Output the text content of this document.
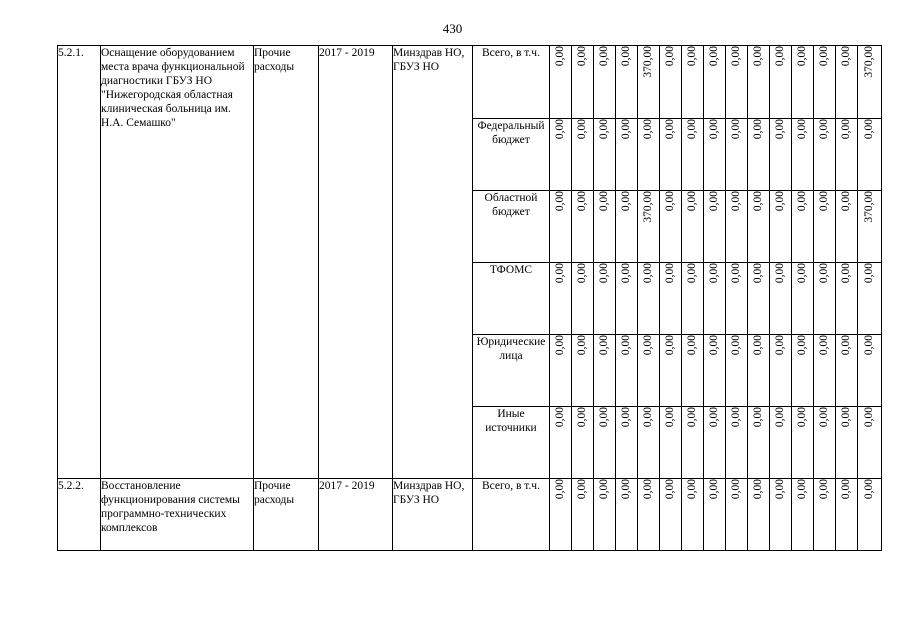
430
5.2.1.	Оснащение оборудованием места врача функциональной диагностики ГБУЗ НО "Нижегородская областная клиническая больница им. Н.А. Семашко"	Прочие расходы	2017 - 2019	Минздрав НО, ГБУЗ НО	Всего, в т.ч.	0,00	0,00	0,00	0,00	370,00	0,00	0,00	0,00	0,00	0,00	0,00	0,00	0,00	0,00	370,00
					Федеральный бюджет	0,00	0,00	0,00	0,00	0,00	0,00	0,00	0,00	0,00	0,00	0,00	0,00	0,00	0,00	0,00
					Областной бюджет	0,00	0,00	0,00	0,00	370,00	0,00	0,00	0,00	0,00	0,00	0,00	0,00	0,00	0,00	370,00
					ТФОМС	0,00	0,00	0,00	0,00	0,00	0,00	0,00	0,00	0,00	0,00	0,00	0,00	0,00	0,00	0,00
					Юридические лица	0,00	0,00	0,00	0,00	0,00	0,00	0,00	0,00	0,00	0,00	0,00	0,00	0,00	0,00	0,00
					Иные источники	0,00	0,00	0,00	0,00	0,00	0,00	0,00	0,00	0,00	0,00	0,00	0,00	0,00	0,00	0,00
5.2.2.	Восстановление функционирования системы программно-технических комплексов	Прочие расходы	2017 - 2019	Минздрав НО, ГБУЗ НО	Всего, в т.ч.	0,00	0,00	0,00	0,00	0,00	0,00	0,00	0,00	0,00	0,00	0,00	0,00	0,00	0,00	0,00
